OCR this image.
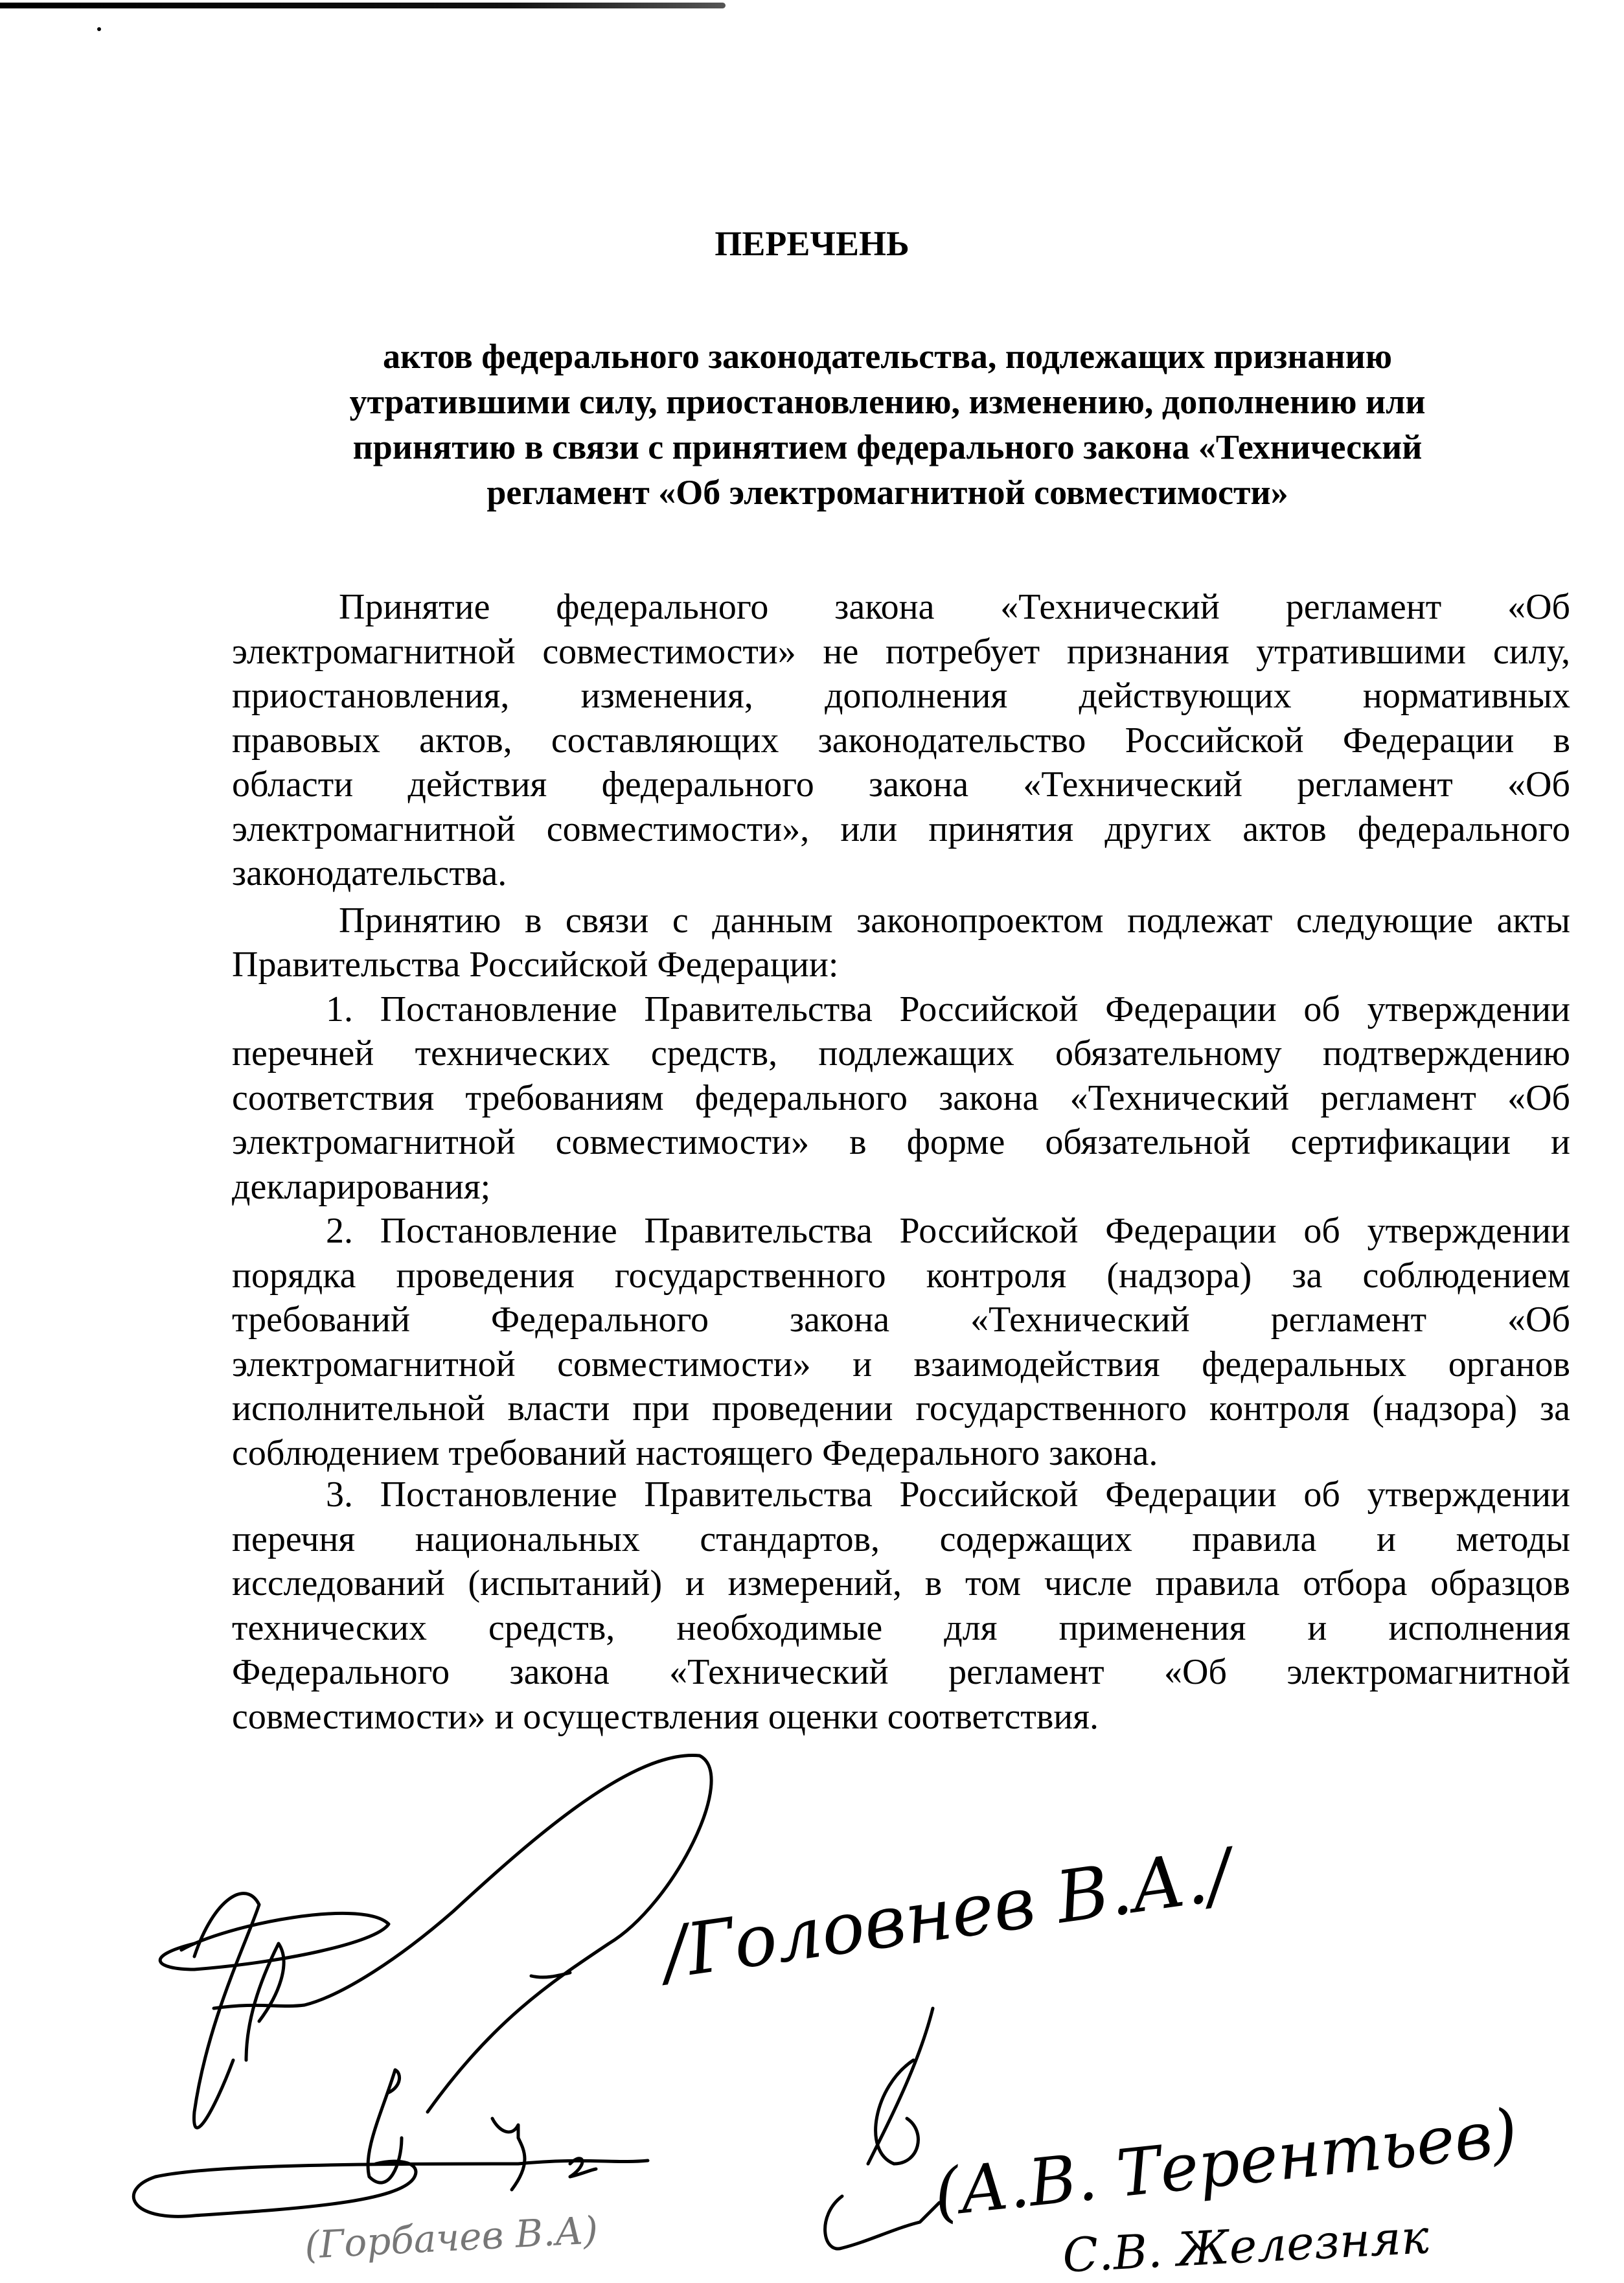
ПЕРЕЧЕНЬ
актов федерального законодательства, подлежащих признанию
утратившими силу, приостановлению, изменению, дополнению или
принятию в связи с принятием федерального закона «Технический
регламент «Об электромагнитной совместимости»
Принятие федерального закона «Технический регламент «Об
электромагнитной совместимости» не потребует признания утратившими силу,
приостановления, изменения, дополнения действующих нормативных
правовых актов, составляющих законодательство Российской Федерации в
области действия федерального закона «Технический регламент «Об
электромагнитной совместимости», или принятия других актов федерального
законодательства.
Принятию в связи с данным законопроектом подлежат следующие акты
Правительства Российской Федерации:
1. Постановление Правительства Российской Федерации об утверждении
перечней технических средств, подлежащих обязательному подтверждению
соответствия требованиям федерального закона «Технический регламент «Об
электромагнитной совместимости» в форме обязательной сертификации и
декларирования;
2. Постановление Правительства Российской Федерации об утверждении
порядка проведения государственного контроля (надзора) за соблюдением
требований Федерального закона «Технический регламент «Об
электромагнитной совместимости» и взаимодействия федеральных органов
исполнительной власти при проведении государственного контроля (надзора) за
соблюдением требований настоящего Федерального закона.
3. Постановление Правительства Российской Федерации об утверждении
перечня национальных стандартов, содержащих правила и методы
исследований (испытаний) и измерений, в том числе правила отбора образцов
технических средств, необходимые для применения и исполнения
Федерального закона «Технический регламент «Об электромагнитной
совместимости» и осуществления оценки соответствия.
/Головнев В.А./
(Горбачев В.А)
(А.В. Терентьев)
С.В. Железняк
